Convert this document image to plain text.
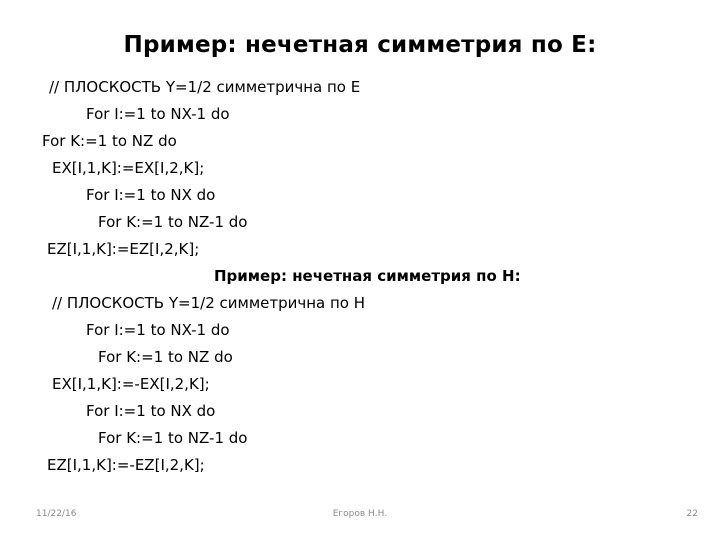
Пример: нечетная симметрия по E:
// ПЛОСКОСТЬ Y=1/2 симметрична по E
For I:=1 to NX-1 do
For K:=1 to NZ do
EX[I,1,K]:=EX[I,2,K];
For I:=1 to NX do
For K:=1 to NZ-1 do
EZ[I,1,K]:=EZ[I,2,K];
Пример: нечетная симметрия по H:
// ПЛОСКОСТЬ Y=1/2 симметрична по H
For I:=1 to NX-1 do
For K:=1 to NZ do
EX[I,1,K]:=-EX[I,2,K];
For I:=1 to NX do
For K:=1 to NZ-1 do
EZ[I,1,K]:=-EZ[I,2,K];
11/22/16	Егоров Н.Н.	22
